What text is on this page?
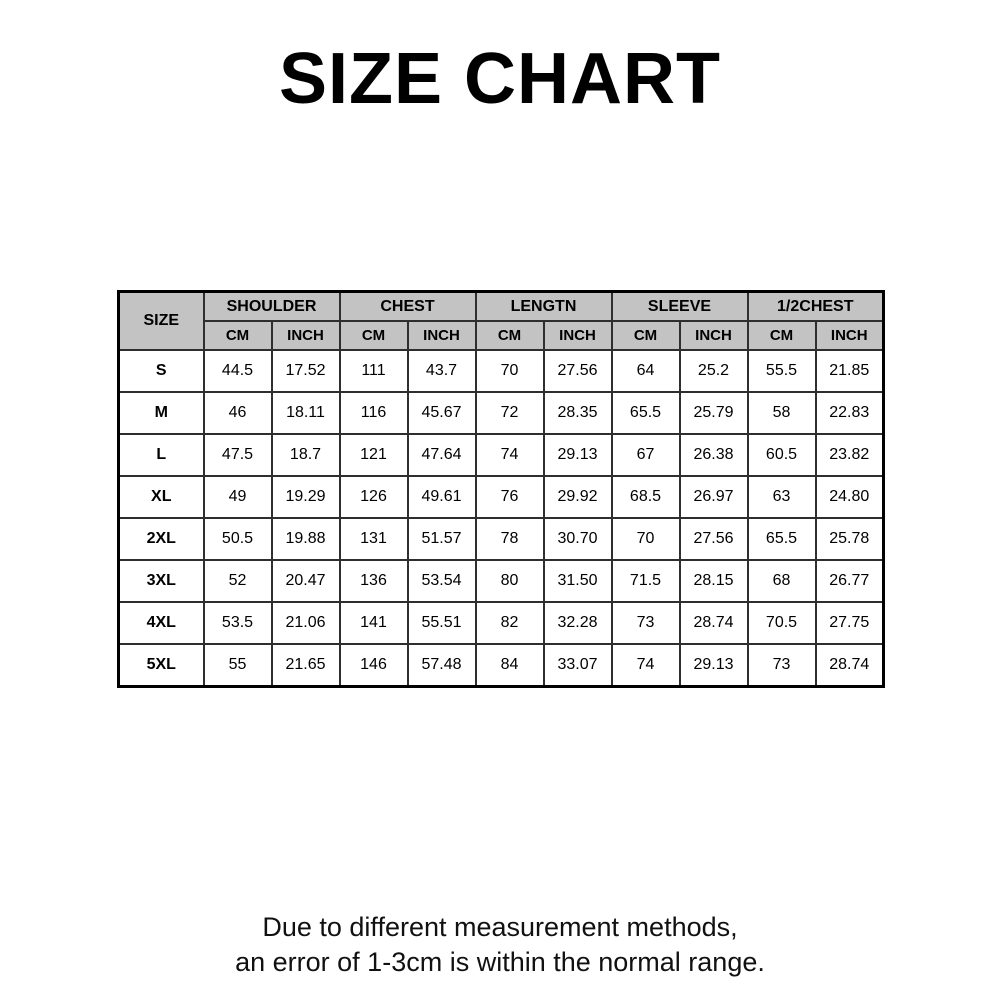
SIZE CHART
SIZE	SHOULDER		CHEST		LENGTN		SLEEVE		1/2CHEST	
	CM	INCH	CM	INCH	CM	INCH	CM	INCH	CM	INCH
S	44.5	17.52	111	43.7	70	27.56	64	25.2	55.5	21.85
M	46	18.11	116	45.67	72	28.35	65.5	25.79	58	22.83
L	47.5	18.7	121	47.64	74	29.13	67	26.38	60.5	23.82
XL	49	19.29	126	49.61	76	29.92	68.5	26.97	63	24.80
2XL	50.5	19.88	131	51.57	78	30.70	70	27.56	65.5	25.78
3XL	52	20.47	136	53.54	80	31.50	71.5	28.15	68	26.77
4XL	53.5	21.06	141	55.51	82	32.28	73	28.74	70.5	27.75
5XL	55	21.65	146	57.48	84	33.07	74	29.13	73	28.74
Due to different measurement methods,
an error of 1-3cm is within the normal range.
